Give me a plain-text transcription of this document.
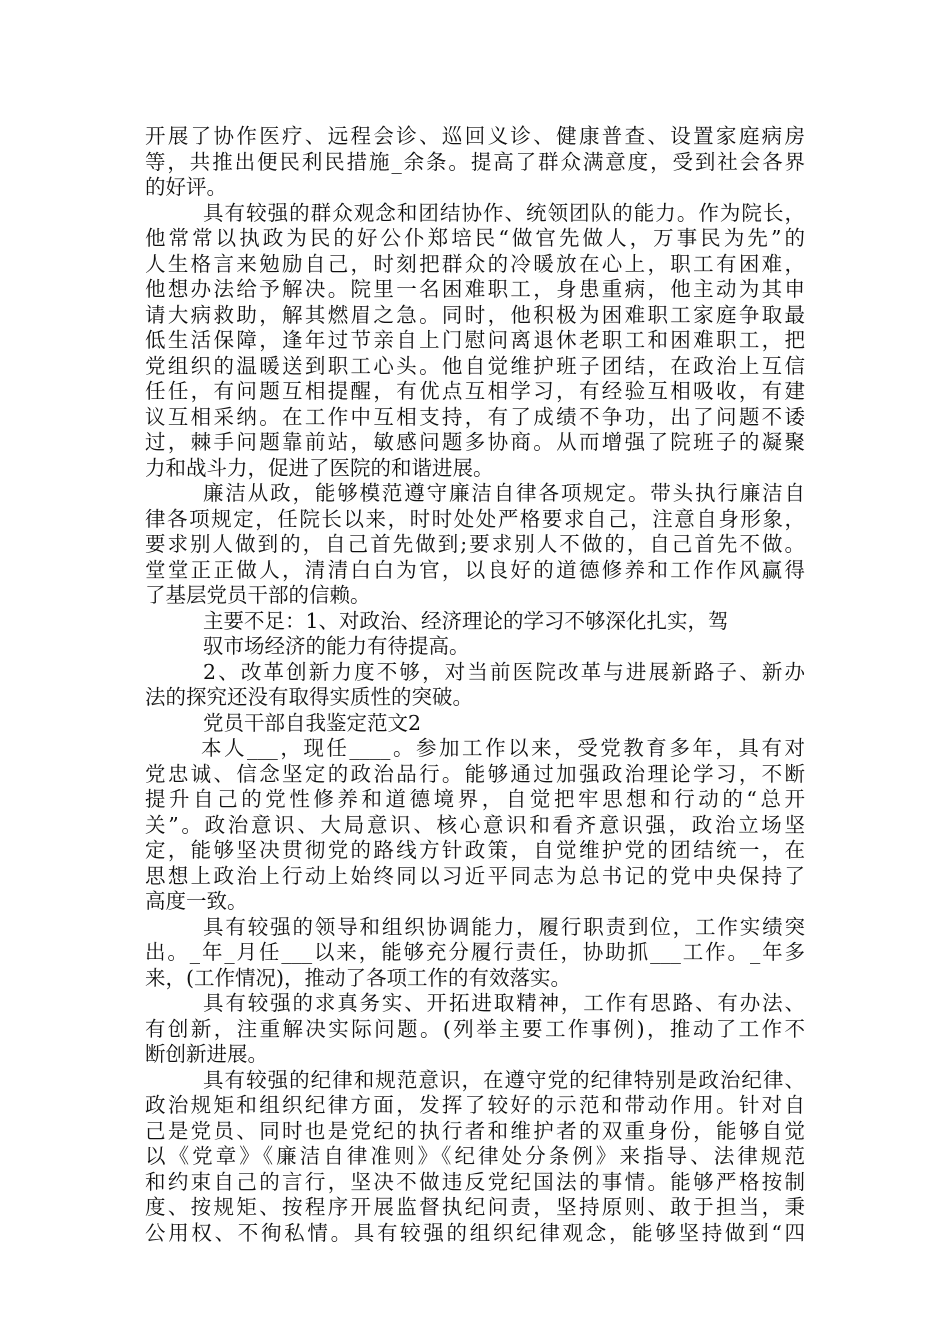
开展了协作医疗、远程会诊、巡回义诊、健康普查、设置家庭病房
等，共推出便民利民措施_余条。提高了群众满意度，受到社会各界
的好评。
具有较强的群众观念和团结协作、统领团队的能力。作为院长，
他常常以执政为民的好公仆郑培民“做官先做人，万事民为先”的
人生格言来勉励自己，时刻把群众的冷暖放在心上，职工有困难，
他想办法给予解决。院里一名困难职工，身患重病，他主动为其申
请大病救助，解其燃眉之急。同时，他积极为困难职工家庭争取最
低生活保障，逢年过节亲自上门慰问离退休老职工和困难职工，把
党组织的温暖送到职工心头。他自觉维护班子团结，在政治上互信
任任，有问题互相提醒，有优点互相学习，有经验互相吸收，有建
议互相采纳。在工作中互相支持，有了成绩不争功，出了问题不诿
过，棘手问题靠前站，敏感问题多协商。从而增强了院班子的凝聚
力和战斗力，促进了医院的和谐进展。
廉洁从政，能够模范遵守廉洁自律各项规定。带头执行廉洁自
律各项规定，任院长以来，时时处处严格要求自己，注意自身形象，
要求别人做到的，自己首先做到;要求别人不做的，自己首先不做。
堂堂正正做人，清清白白为官，以良好的道德修养和工作作风赢得
了基层党员干部的信赖。
主要不足：1、对政治、经济理论的学习不够深化扎实，驾
驭市场经济的能力有待提高。
2、改革创新力度不够，对当前医院改革与进展新路子、新办
法的探究还没有取得实质性的突破。
党员干部自我鉴定范文2
本人___，现任____。参加工作以来，受党教育多年，具有对
党忠诚、信念坚定的政治品行。能够通过加强政治理论学习，不断
提升自己的党性修养和道德境界，自觉把牢思想和行动的“总开
关”。政治意识、大局意识、核心意识和看齐意识强，政治立场坚
定，能够坚决贯彻党的路线方针政策，自觉维护党的团结统一，在
思想上政治上行动上始终同以习近平同志为总书记的党中央保持了
高度一致。
具有较强的领导和组织协调能力，履行职责到位，工作实绩突
出。_年_月任___以来，能够充分履行责任，协助抓___工作。_年多
来，(工作情况)，推动了各项工作的有效落实。
具有较强的求真务实、开拓进取精神，工作有思路、有办法、
有创新，注重解决实际问题。(列举主要工作事例)，推动了工作不
断创新进展。
具有较强的纪律和规范意识，在遵守党的纪律特别是政治纪律、
政治规矩和组织纪律方面，发挥了较好的示范和带动作用。针对自
己是党员、同时也是党纪的执行者和维护者的双重身份，能够自觉
以《党章》《廉洁自律准则》《纪律处分条例》来指导、法律规范
和约束自己的言行，坚决不做违反党纪国法的事情。能够严格按制
度、按规矩、按程序开展监督执纪问责，坚持原则、敢于担当，秉
公用权、不徇私情。具有较强的组织纪律观念，能够坚持做到“四
